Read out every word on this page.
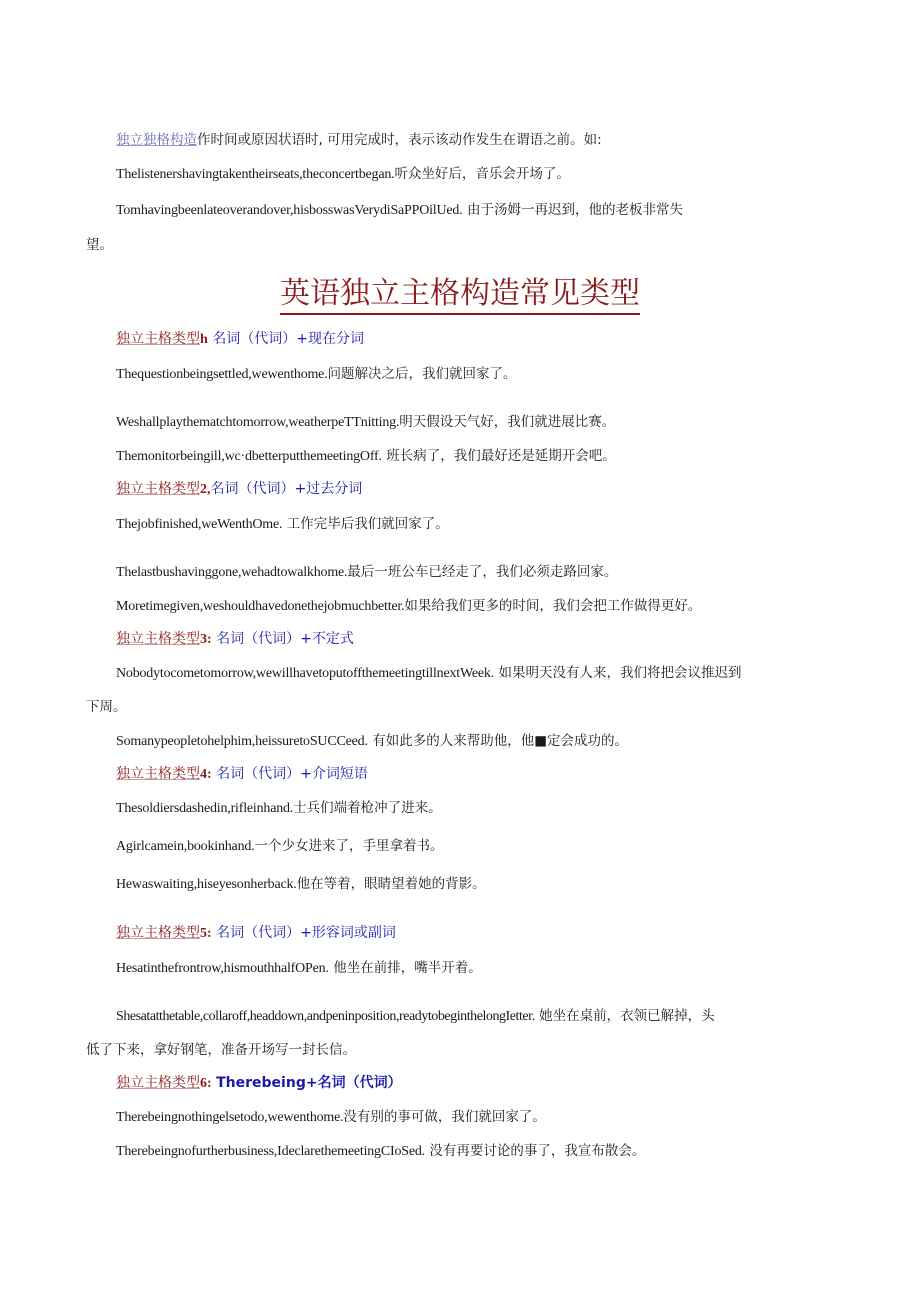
独立独格构造作时间或原因状语时, 可用完成时，表示该动作发生在谓语之前。如:
Thelistenershavingtakentheirseats,theconcertbegan.听众坐好后，音乐会开场了。
Tomhavingbeenlateoverandover,hisbosswasVerydiSaPPOilUed. 由于汤姆一再迟到，他的老板非常失
望。
英语独立主格构造常见类型
独立主格类型h 名词（代词）+现在分词
Thequestionbeingsettled,wewenthome.问题解决之后，我们就回家了。
Weshallplaythematchtomorrow,weatherpeTTnitting.明天假设天气好，我们就进展比赛。
Themonitorbeingill,wc·dbetterputthemeetingOff. 班长病了，我们最好还是延期开会吧。
独立主格类型2,名词（代词）+过去分词
Thejobfinished,weWenthOme. 工作完毕后我们就回家了。
Thelastbushavinggone,wehadtowalkhome.最后一班公车已经走了，我们必须走路回家。
Moretimegiven,weshouldhavedonethejobmuchbetter.如果给我们更多的时间，我们会把工作做得更好。
独立主格类型3: 名词（代词）+不定式
Nobodytocometomorrow,wewillhavetoputoffthemeetingtillnextWeek. 如果明天没有人来，我们将把会议推迟到
下周。
Somanypeopletohelphim,heissuretoSUCCeed. 有如此多的人来帮助他，他■定会成功的。
独立主格类型4: 名词（代词）+介词短语
Thesoldiersdashedin,rifleinhand.士兵们端着枪冲了进来。
Agirlcamein,bookinhand.一个少女进来了，手里拿着书。
Hewaswaiting,hiseyesonherback.他在等着，眼睛望着她的背影。
独立主格类型5: 名词（代词）+形容词或副词
Hesatinthefrontrow,hismouthhalfOPen. 他坐在前排，嘴半开着。
Shesatatthetable,collaroff,headdown,andpeninposition,readytobeginthelongIetter. 她坐在桌前，衣领已解掉，头
低了下来，拿好钢笔，准备开场写一封长信。
独立主格类型6: Therebeing+名词（代词）
Therebeingnothingelsetodo,wewenthome.没有别的事可做，我们就回家了。
Therebeingnofurtherbusiness,IdeclarethemeetingCIoSed. 没有再要讨论的事了，我宣布散会。
